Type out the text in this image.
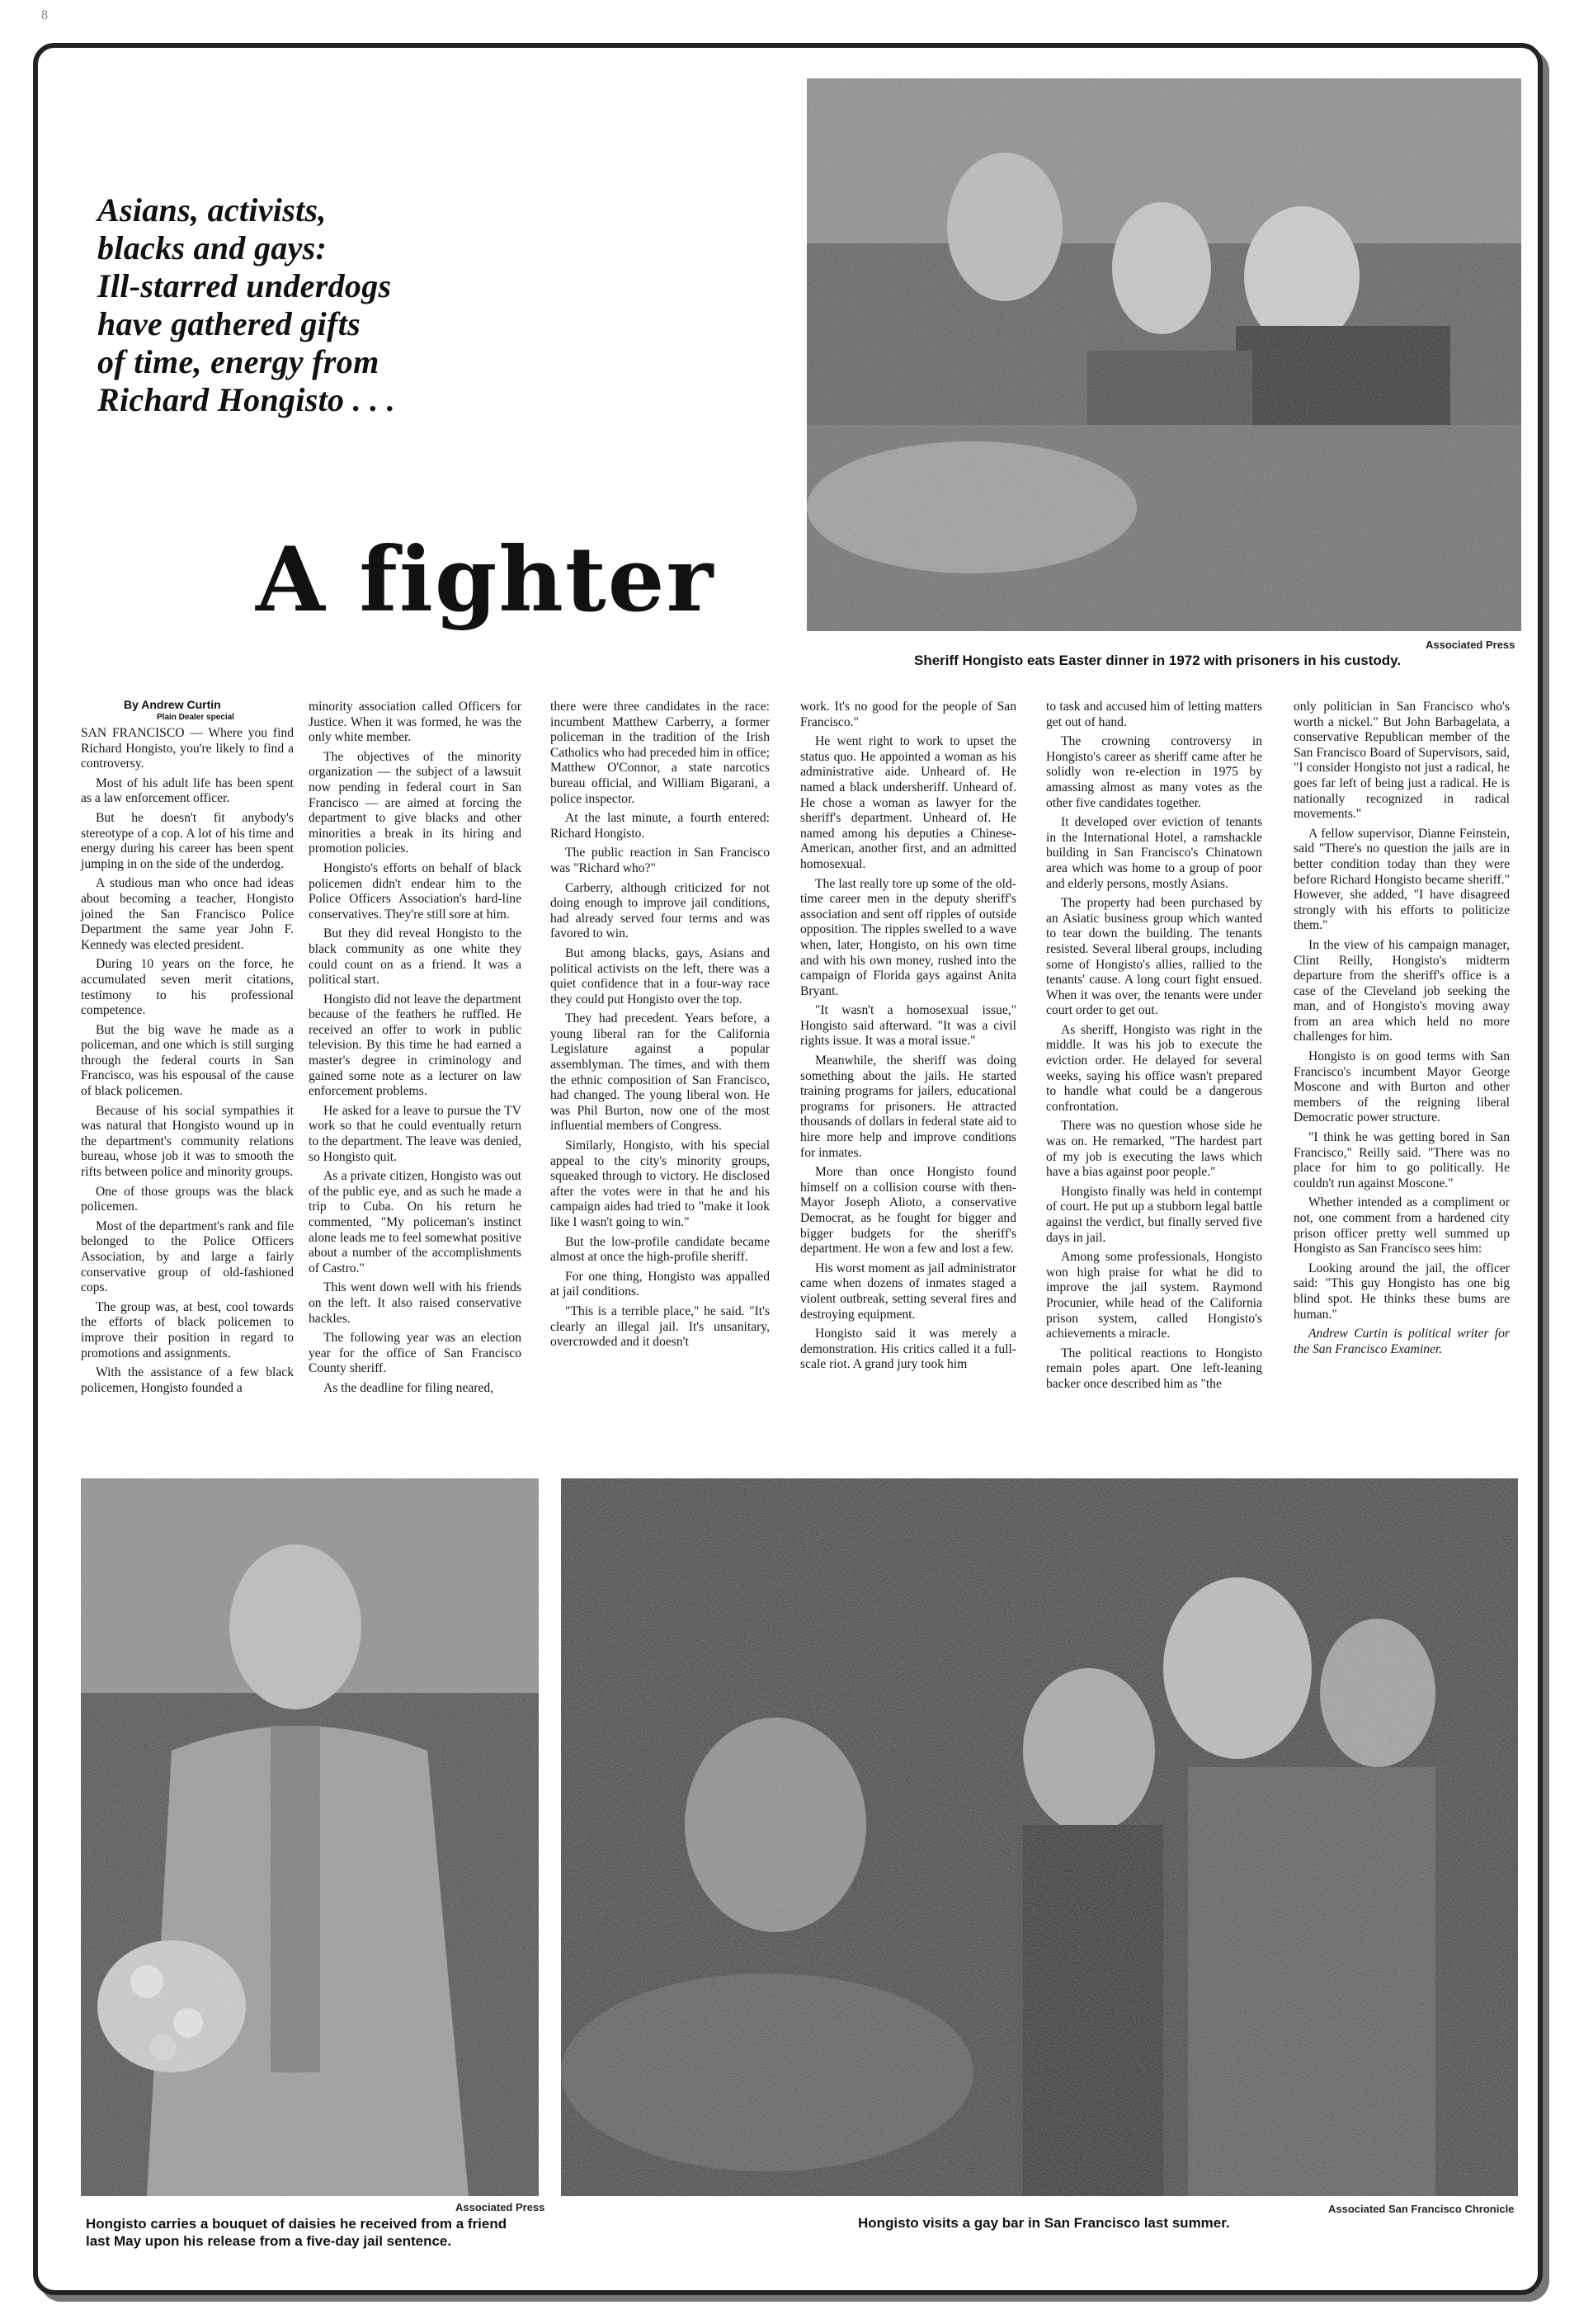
8
Asians, activists,
blacks and gays:
Ill-starred underdogs
have gathered gifts
of time, energy from
Richard Hongisto . . .
A fighter
Associated Press
Sheriff Hongisto eats Easter dinner in 1972 with prisoners in his custody.
By Andrew Curtin
Plain Dealer special

SAN FRANCISCO — Where you find Richard Hongisto, you're likely to find a controversy.

Most of his adult life has been spent as a law enforcement officer.

But he doesn't fit anybody's stereotype of a cop. A lot of his time and energy during his career has been spent jumping in on the side of the underdog.

A studious man who once had ideas about becoming a teacher, Hongisto joined the San Francisco Police Department the same year John F. Kennedy was elected president.

During 10 years on the force, he accumulated seven merit citations, testimony to his professional competence.

But the big wave he made as a policeman, and one which is still surging through the federal courts in San Francisco, was his espousal of the cause of black policemen.

Because of his social sympathies it was natural that Hongisto wound up in the department's community relations bureau, whose job it was to smooth the rifts between police and minority groups.

One of those groups was the black policemen.

Most of the department's rank and file belonged to the Police Officers Association, by and large a fairly conservative group of old-fashioned cops.

The group was, at best, cool towards the efforts of black policemen to improve their position in regard to promotions and assignments.

With the assistance of a few black policemen, Hongisto founded a

minority association called Officers for Justice. When it was formed, he was the only white member.

The objectives of the minority organization — the subject of a lawsuit now pending in federal court in San Francisco — are aimed at forcing the department to give blacks and other minorities a break in its hiring and promotion policies.

Hongisto's efforts on behalf of black policemen didn't endear him to the Police Officers Association's hard-line conservatives. They're still sore at him.

But they did reveal Hongisto to the black community as one white they could count on as a friend. It was a political start.

Hongisto did not leave the department because of the feathers he ruffled. He received an offer to work in public television. By this time he had earned a master's degree in criminology and gained some note as a lecturer on law enforcement problems.

He asked for a leave to pursue the TV work so that he could eventually return to the department. The leave was denied, so Hongisto quit.

As a private citizen, Hongisto was out of the public eye, and as such he made a trip to Cuba. On his return he commented, "My policeman's instinct alone leads me to feel somewhat positive about a number of the accomplishments of Castro."

This went down well with his friends on the left. It also raised conservative hackles.

The following year was an election year for the office of San Francisco County sheriff.

As the deadline for filing neared,

there were three candidates in the race: incumbent Matthew Carberry, a former policeman in the tradition of the Irish Catholics who had preceded him in office; Matthew O'Connor, a state narcotics bureau official, and William Bigarani, a police inspector.

At the last minute, a fourth entered: Richard Hongisto.

The public reaction in San Francisco was "Richard who?"

Carberry, although criticized for not doing enough to improve jail conditions, had already served four terms and was favored to win.

But among blacks, gays, Asians and political activists on the left, there was a quiet confidence that in a four-way race they could put Hongisto over the top.

They had precedent. Years before, a young liberal ran for the California Legislature against a popular assemblyman. The times, and with them the ethnic composition of San Francisco, had changed. The young liberal won. He was Phil Burton, now one of the most influential members of Congress.

Similarly, Hongisto, with his special appeal to the city's minority groups, squeaked through to victory. He disclosed after the votes were in that he and his campaign aides had tried to "make it look like I wasn't going to win."

But the low-profile candidate became almost at once the high-profile sheriff.

For one thing, Hongisto was appalled at jail conditions.

"This is a terrible place," he said. "It's clearly an illegal jail. It's unsanitary, overcrowded and it doesn't

work. It's no good for the people of San Francisco."

He went right to work to upset the status quo. He appointed a woman as his administrative aide. Unheard of. He named a black undersheriff. Unheard of. He chose a woman as lawyer for the sheriff's department. Unheard of. He named among his deputies a Chinese-American, another first, and an admitted homosexual.

The last really tore up some of the old-time career men in the deputy sheriff's association and sent off ripples of outside opposition. The ripples swelled to a wave when, later, Hongisto, on his own time and with his own money, rushed into the campaign of Florida gays against Anita Bryant.

"It wasn't a homosexual issue," Hongisto said afterward. "It was a civil rights issue. It was a moral issue."

Meanwhile, the sheriff was doing something about the jails. He started training programs for jailers, educational programs for prisoners. He attracted thousands of dollars in federal state aid to hire more help and improve conditions for inmates.

More than once Hongisto found himself on a collision course with then-Mayor Joseph Alioto, a conservative Democrat, as he fought for bigger and bigger budgets for the sheriff's department. He won a few and lost a few.

His worst moment as jail administrator came when dozens of inmates staged a violent outbreak, setting several fires and destroying equipment.

Hongisto said it was merely a demonstration. His critics called it a full-scale riot. A grand jury took him

to task and accused him of letting matters get out of hand.

The crowning controversy in Hongisto's career as sheriff came after he solidly won re-election in 1975 by amassing almost as many votes as the other five candidates together.

It developed over eviction of tenants in the International Hotel, a ramshackle building in San Francisco's Chinatown area which was home to a group of poor and elderly persons, mostly Asians.

The property had been purchased by an Asiatic business group which wanted to tear down the building. The tenants resisted. Several liberal groups, including some of Hongisto's allies, rallied to the tenants' cause. A long court fight ensued. When it was over, the tenants were under court order to get out.

As sheriff, Hongisto was right in the middle. It was his job to execute the eviction order. He delayed for several weeks, saying his office wasn't prepared to handle what could be a dangerous confrontation.

There was no question whose side he was on. He remarked, "The hardest part of my job is executing the laws which have a bias against poor people."

Hongisto finally was held in contempt of court. He put up a stubborn legal battle against the verdict, but finally served five days in jail.

Among some professionals, Hongisto won high praise for what he did to improve the jail system. Raymond Procunier, while head of the California prison system, called Hongisto's achievements a miracle.

The political reactions to Hongisto remain poles apart. One left-leaning backer once described him as "the

only politician in San Francisco who's worth a nickel." But John Barbagelata, a conservative Republican member of the San Francisco Board of Supervisors, said, "I consider Hongisto not just a radical, he goes far left of being just a radical. He is nationally recognized in radical movements."

A fellow supervisor, Dianne Feinstein, said "There's no question the jails are in better condition today than they were before Richard Hongisto became sheriff." However, she added, "I have disagreed strongly with his efforts to politicize them."

In the view of his campaign manager, Clint Reilly, Hongisto's midterm departure from the sheriff's office is a case of the Cleveland job seeking the man, and of Hongisto's moving away from an area which held no more challenges for him.

Hongisto is on good terms with San Francisco's incumbent Mayor George Moscone and with Burton and other members of the reigning liberal Democratic power structure.

"I think he was getting bored in San Francisco," Reilly said. "There was no place for him to go politically. He couldn't run against Moscone."

Whether intended as a compliment or not, one comment from a hardened city prison officer pretty well summed up Hongisto as San Francisco sees him:

Looking around the jail, the officer said: "This guy Hongisto has one big blind spot. He thinks these bums are human."

Andrew Curtin is political writer for the San Francisco Examiner.

Associated Press
Hongisto carries a bouquet of daisies he received from a friend
last May upon his release from a five-day jail sentence.
Associated San Francisco Chronicle
Hongisto visits a gay bar in San Francisco last summer.
